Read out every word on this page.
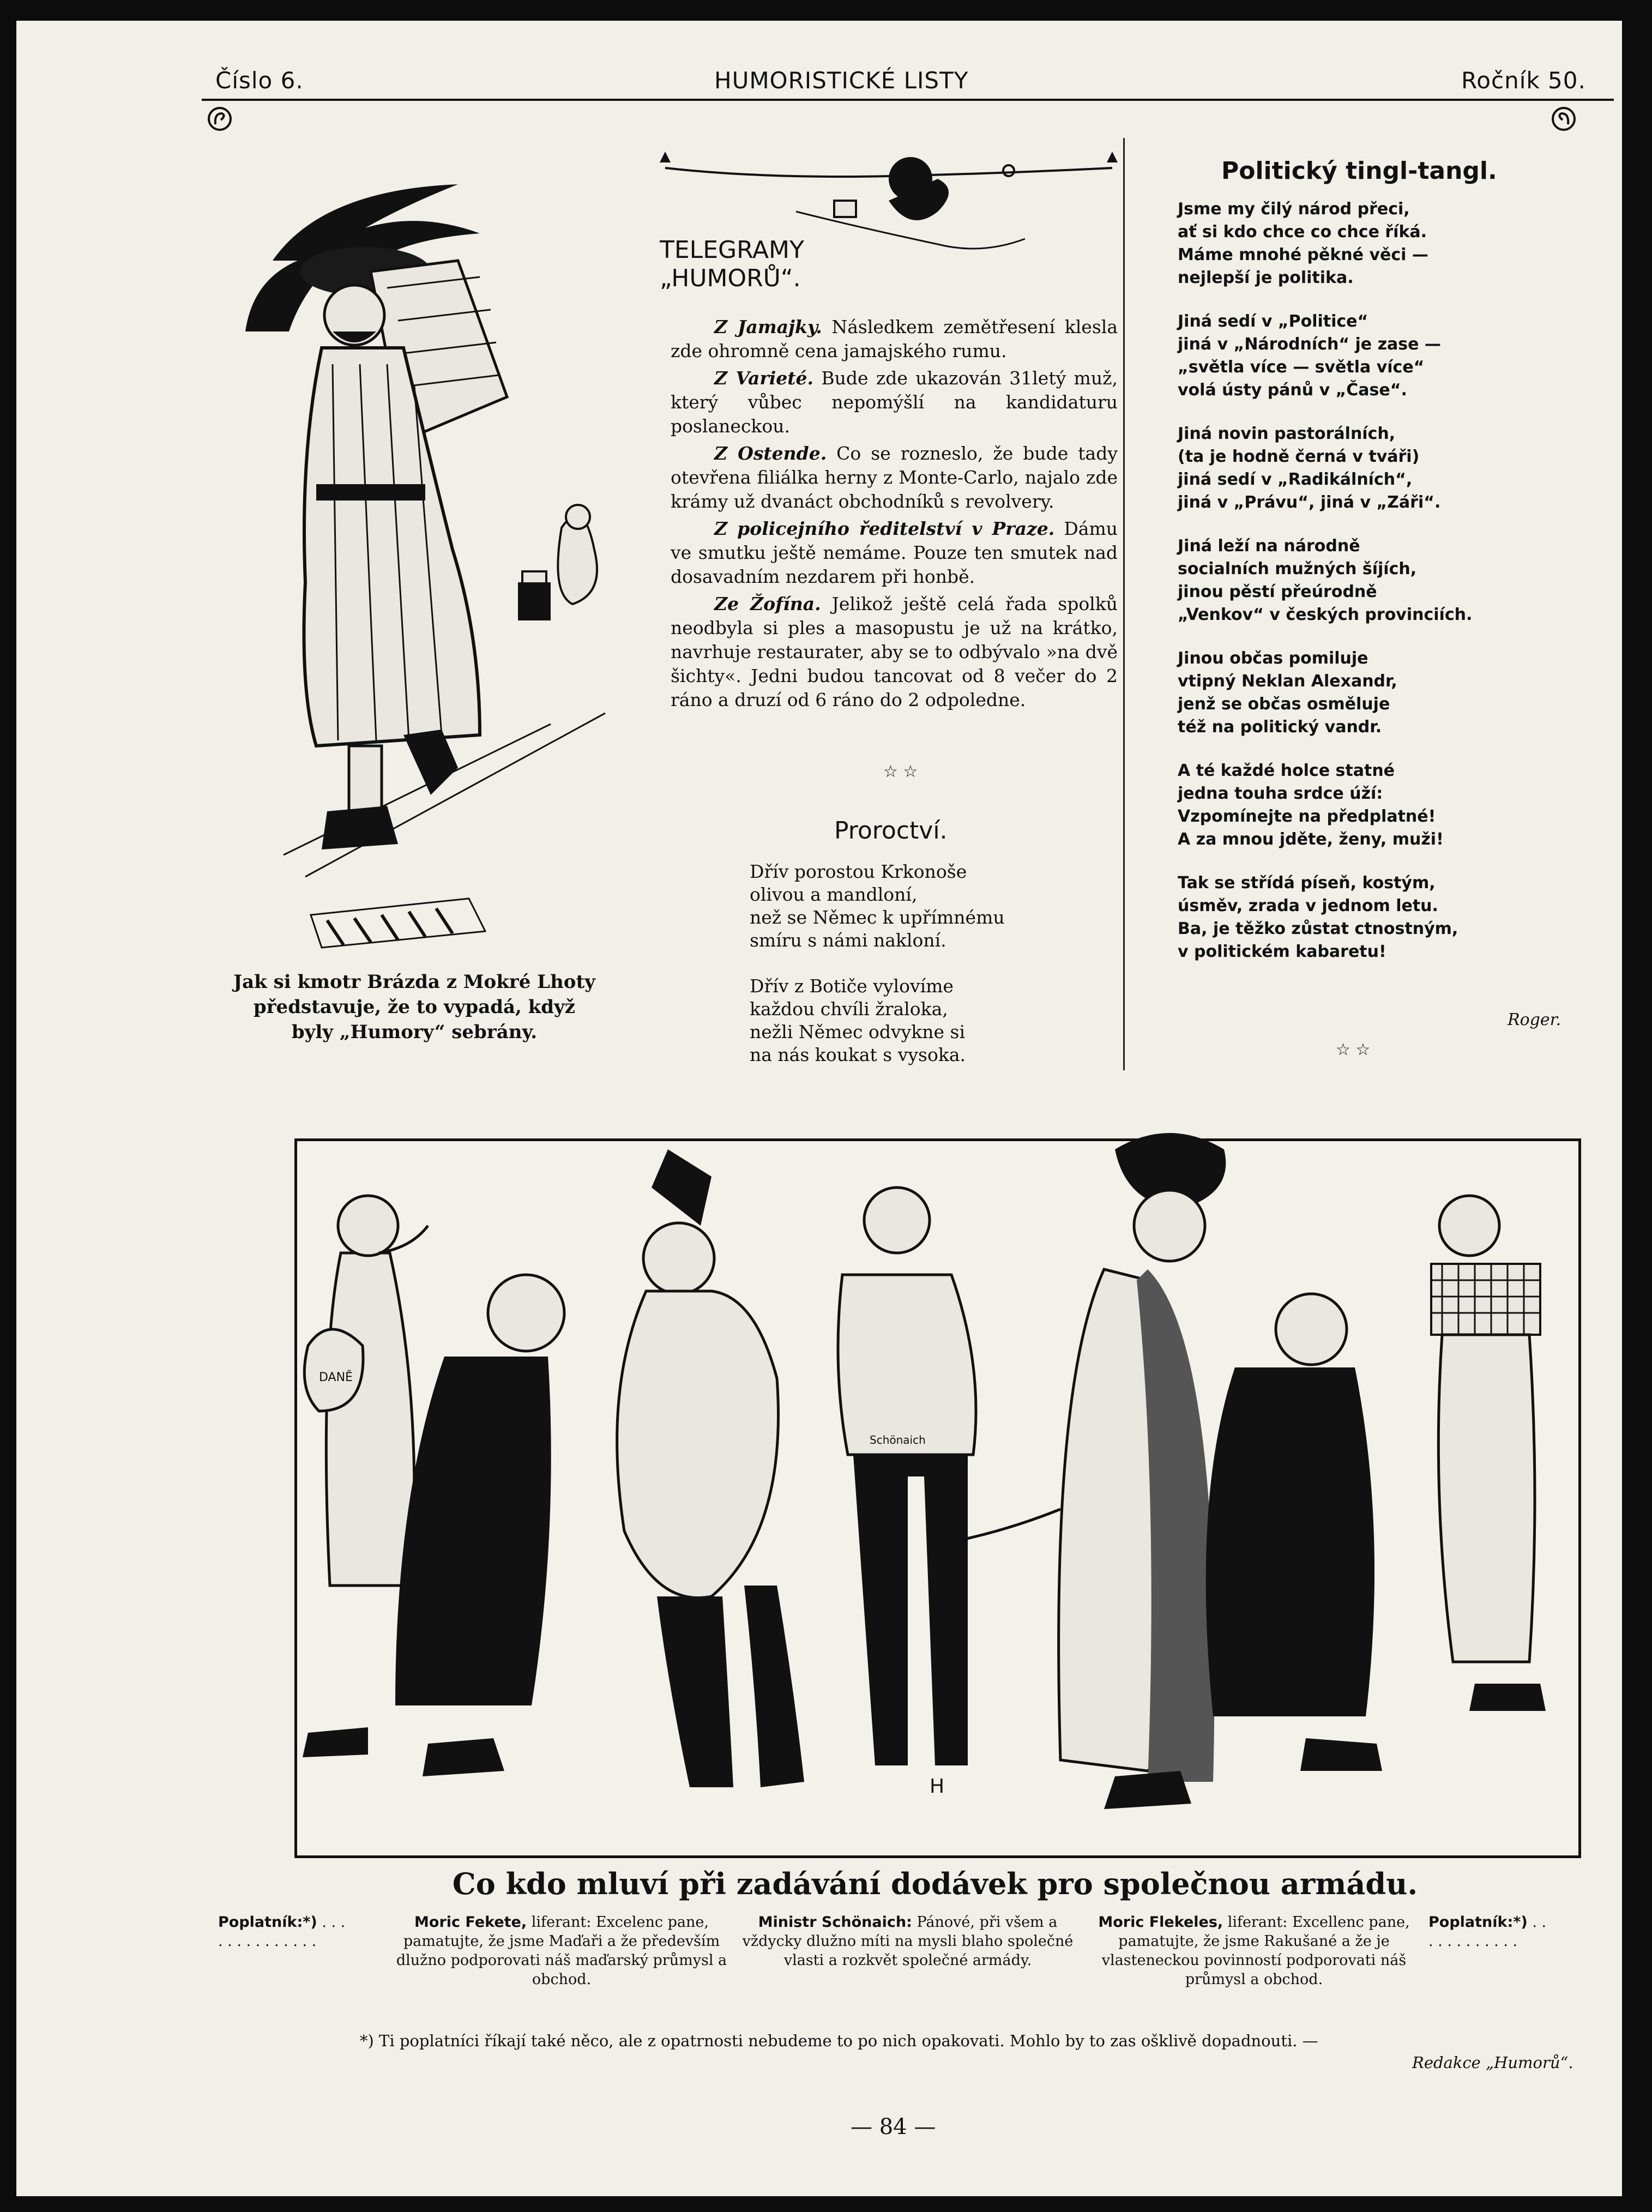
Číslo 6.	HUMORISTICKÉ LISTY	Ročník 50.
Jak si kmotr Brázda z Mokré Lhoty
představuje, že to vypadá, když
byly „Humory“ sebrány.
TELEGRAMY
„HUMORŮ“.

Z Jamajky. Následkem zemětřesení klesla zde ohromně cena jamajského rumu.

Z Varieté. Bude zde ukazován 31letý muž, který vůbec nepomýšlí na kandidaturu poslaneckou.

Z Ostende. Co se rozneslo, že bude tady otevřena filiálka herny z Monte-Carlo, najalo zde krámy už dvanáct obchodníků s revolvery.

Z policejního ředitelství v Praze. Dámu ve smutku ještě nemáme. Pouze ten smutek nad dosavadním nezdarem při honbě.

Ze Žofína. Jelikož ještě celá řada spolků neodbyla si ples a masopustu je už na krátko, navrhuje restaurater, aby se to odbývalo »na dvě šichty«. Jedni budou tancovat od 8 večer do 2 ráno a druzí od 6 ráno do 2 odpoledne.

☆ ☆
Proroctví.
Dřív porostou Krkonoše
olivou a mandloní,
než se Němec k upřímnému
smíru s námi nakloní.
Dřív z Botiče vylovíme
každou chvíli žraloka,
nežli Němec odvykne si
na nás koukat s vysoka.
Politický tingl-tangl.
Jsme my čilý národ přeci,
ať si kdo chce co chce říká.
Máme mnohé pěkné věci —
nejlepší je politika.
Jiná sedí v „Politice“
jiná v „Národních“ je zase —
„světla více — světla více“
volá ústy pánů v „Čase“.
Jiná novin pastorálních,
(ta je hodně černá v tváři)
jiná sedí v „Radikálních“,
jiná v „Právu“, jiná v „Záři“.
Jiná leží na národně
socialních mužných šíjích,
jinou pěstí přeúrodně
„Venkov“ v českých provinciích.
Jinou občas pomiluje
vtipný Neklan Alexandr,
jenž se občas osměluje
též na politický vandr.
A té každé holce statné
jedna touha srdce úží:
Vzpomínejte na předplatné!
A za mnou jděte, ženy, muži!
Tak se střídá píseň, kostým,
úsměv, zrada v jednom letu.
Ba, je těžko zůstat ctnostným,
v politickém kabaretu!
Roger.
☆ ☆
DANĚ
Schönaich
H
Co kdo mluví při zadávání dodávek pro společnou armádu.
Poplatník:*) . . .
. . . . . . . . . . .
Moric Fekete, liferant: Excelenc pane, pamatujte, že jsme Maďaři a že především dlužno podporovati náš maďarský průmysl a obchod.
Ministr Schönaich: Pánové, při všem a vždycky dlužno míti na mysli blaho společné vlasti a rozkvět společné armády.
Moric Flekeles, liferant: Excellenc pane, pamatujte, že jsme Rakušané a že je vlasteneckou povinností podporovati náš průmysl a obchod.
Poplatník:*) . .
. . . . . . . . . .
*) Ti poplatníci říkají také něco, ale z opatrnosti nebudeme to po nich opakovati. Mohlo by to zas ošklivě dopadnouti. —
Redakce „Humorů“.
— 84 —
